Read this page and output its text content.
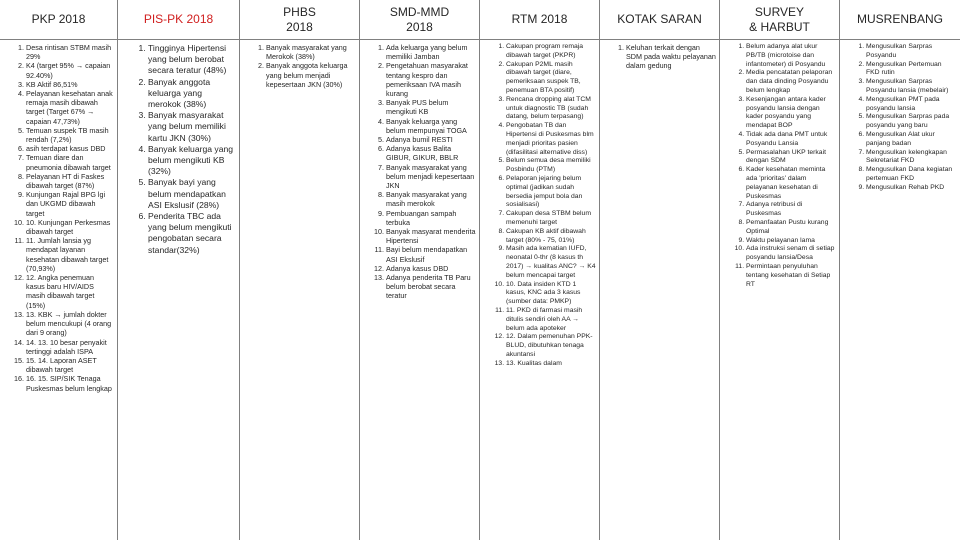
PKP 2018
1. Desa rintisan STBM masih 29%
2. K4 (target 95% → capaian 92.40%)
3. KB Aktif 86,51%
4. Pelayanan kesehatan anak remaja masih dibawah target (Target 67% → capaian 47,73%)
5. Temuan suspek TB masih rendah (7,2%)
6. asih terdapat kasus DBD
7. Temuan diare dan pneumonia dibawah target
8. Pelayanan HT di Faskes dibawah target (87%)
9. Kunjungan Rajal BPG lgi dan UKGMD dibawah target
10. 10. Kunjungan Perkesmas dibawah target
11. 11. Jumlah lansia yg mendapat layanan kesehatan dibawah target (70,93%)
12. 12. Angka penemuan kasus baru HIV/AIDS masih dibawah target (15%)
13. 13. KBK → jumlah dokter belum mencukupi (4 orang dari 9 orang)
14. 14. 13. 10 besar penyakit tertinggi adalah ISPA
15. 15. 14. Laporan ASET dibawah target
16. 16. 15. SIP/SIK Tenaga Puskesmas belum lengkap
PIS-PK 2018
1. Tingginya Hipertensi yang belum berobat secara teratur (48%)
2. Banyak anggota keluarga yang merokok (38%)
3. Banyak masyarakat yang belum memiliki kartu JKN (30%)
4. Banyak keluarga yang belum mengikuti KB (32%)
5. Banyak bayi yang belum mendapatkan ASI Ekslusif (28%)
6. Penderita TBC ada yang belum mengikuti pengobatan secara standar(32%)
PHBS
2018
1. Banyak masyarakat yang Merokok (38%)
2. Banyak anggota keluarga yang belum menjadi kepesertaan JKN (30%)
SMD-MMD
2018
1. Ada keluarga yang belum memiliki Jamban
2. Pengetahuan masyarakat tentang kespro dan pemeriksaan IVA masih kurang
3. Banyak PUS belum mengikuti KB
4. Banyak keluarga yang belum mempunyai TOGA
5. Adanya bumil RESTI
6. Adanya kasus Balita GIBUR, GIKUR, BBLR
7. Banyak masyarakat yang belum menjadi kepesertaan JKN
8. Banyak masyarakat yang masih merokok
9. Pembuangan sampah terbuka
10. Banyak masyarat menderita Hipertensi
11. Bayi belum mendapatkan ASI Ekslusif
12. Adanya kasus DBD
13. Adanya penderita TB Paru belum berobat secara teratur
RTM 2018
1. Cakupan program remaja dibawah target (PKPR)
2. Cakupan P2ML masih dibawah target (diare, pemeriksaan suspek TB, penemuan BTA positif)
3. Rencana dropping alat TCM untuk diagnostic TB (sudah datang, belum terpasang)
4. Pengobatan TB dan Hipertensi di Puskesmas blm menjadi prioritas pasien (difasilitasi alternative diss)
5. Belum semua desa memiliki Posbindu (PTM)
6. Pelaporan jejaring belum optimal (jadikan sudah bersedia jemput bola dan sosialisasi)
7. Cakupan desa STBM belum memenuhi target
8. Cakupan KB aktif dibawah target (80% - 75, 01%)
9. Masih ada kematian IUFD, neonatal 0-thr (8 kasus th 2017) → kualitas ANC? → K4 belum mencapai target
10. 10. Data insiden KTD 1 kasus, KNC ada 3 kasus (sumber data: PMKP)
11. 11. PKD di farmasi masih ditulis sendiri oleh AA → belum ada apoteker
12. 12. Dalam pemenuhan PPK-BLUD, dibutuhkan tenaga akuntansi
13. 13. Kualitas dalam
KOTAK SARAN
1. Keluhan terkait dengan SDM pada waktu pelayanan dalam gedung
SURVEY
& HARBUT
1. Belum adanya alat ukur PB/TB (microtoise dan infantometer) di Posyandu
2. Media pencatatan pelaporan dan data dinding Posyandu belum lengkap
3. Kesenjangan antara kader posyandu lansia dengan kader posyandu yang mendapat BOP
4. Tidak ada dana PMT untuk Posyandu Lansia
5. Permasalahan UKP terkait dengan SDM
6. Kader kesehatan meminta ada 'prioritas' dalam pelayanan kesehatan di Puskesmas
7. Adanya retribusi di Puskesmas
8. Pemanfaatan Pustu kurang Optimal
9. Waktu pelayanan lama
10. Ada instruksi senam di setiap posyandu lansia/Desa
11. Permintaan penyuluhan tentang kesehatan di Setiap RT
MUSRENBANG
1. Mengusulkan Sarpras Posyandu
2. Mengusulkan Pertemuan FKD rutin
3. Mengusulkan Sarpras Posyandu lansia (mebelair)
4. Mengusulkan PMT pada posyandu lansia
5. Mengusulkan Sarpras pada posyandu yang baru
6. Mengusulkan Alat ukur panjang badan
7. Mengusulkan kelengkapan Sekretariat FKD
8. Mengusulkan Dana kegiatan pertemuan FKD
9. Mengusulkan Rehab PKD
